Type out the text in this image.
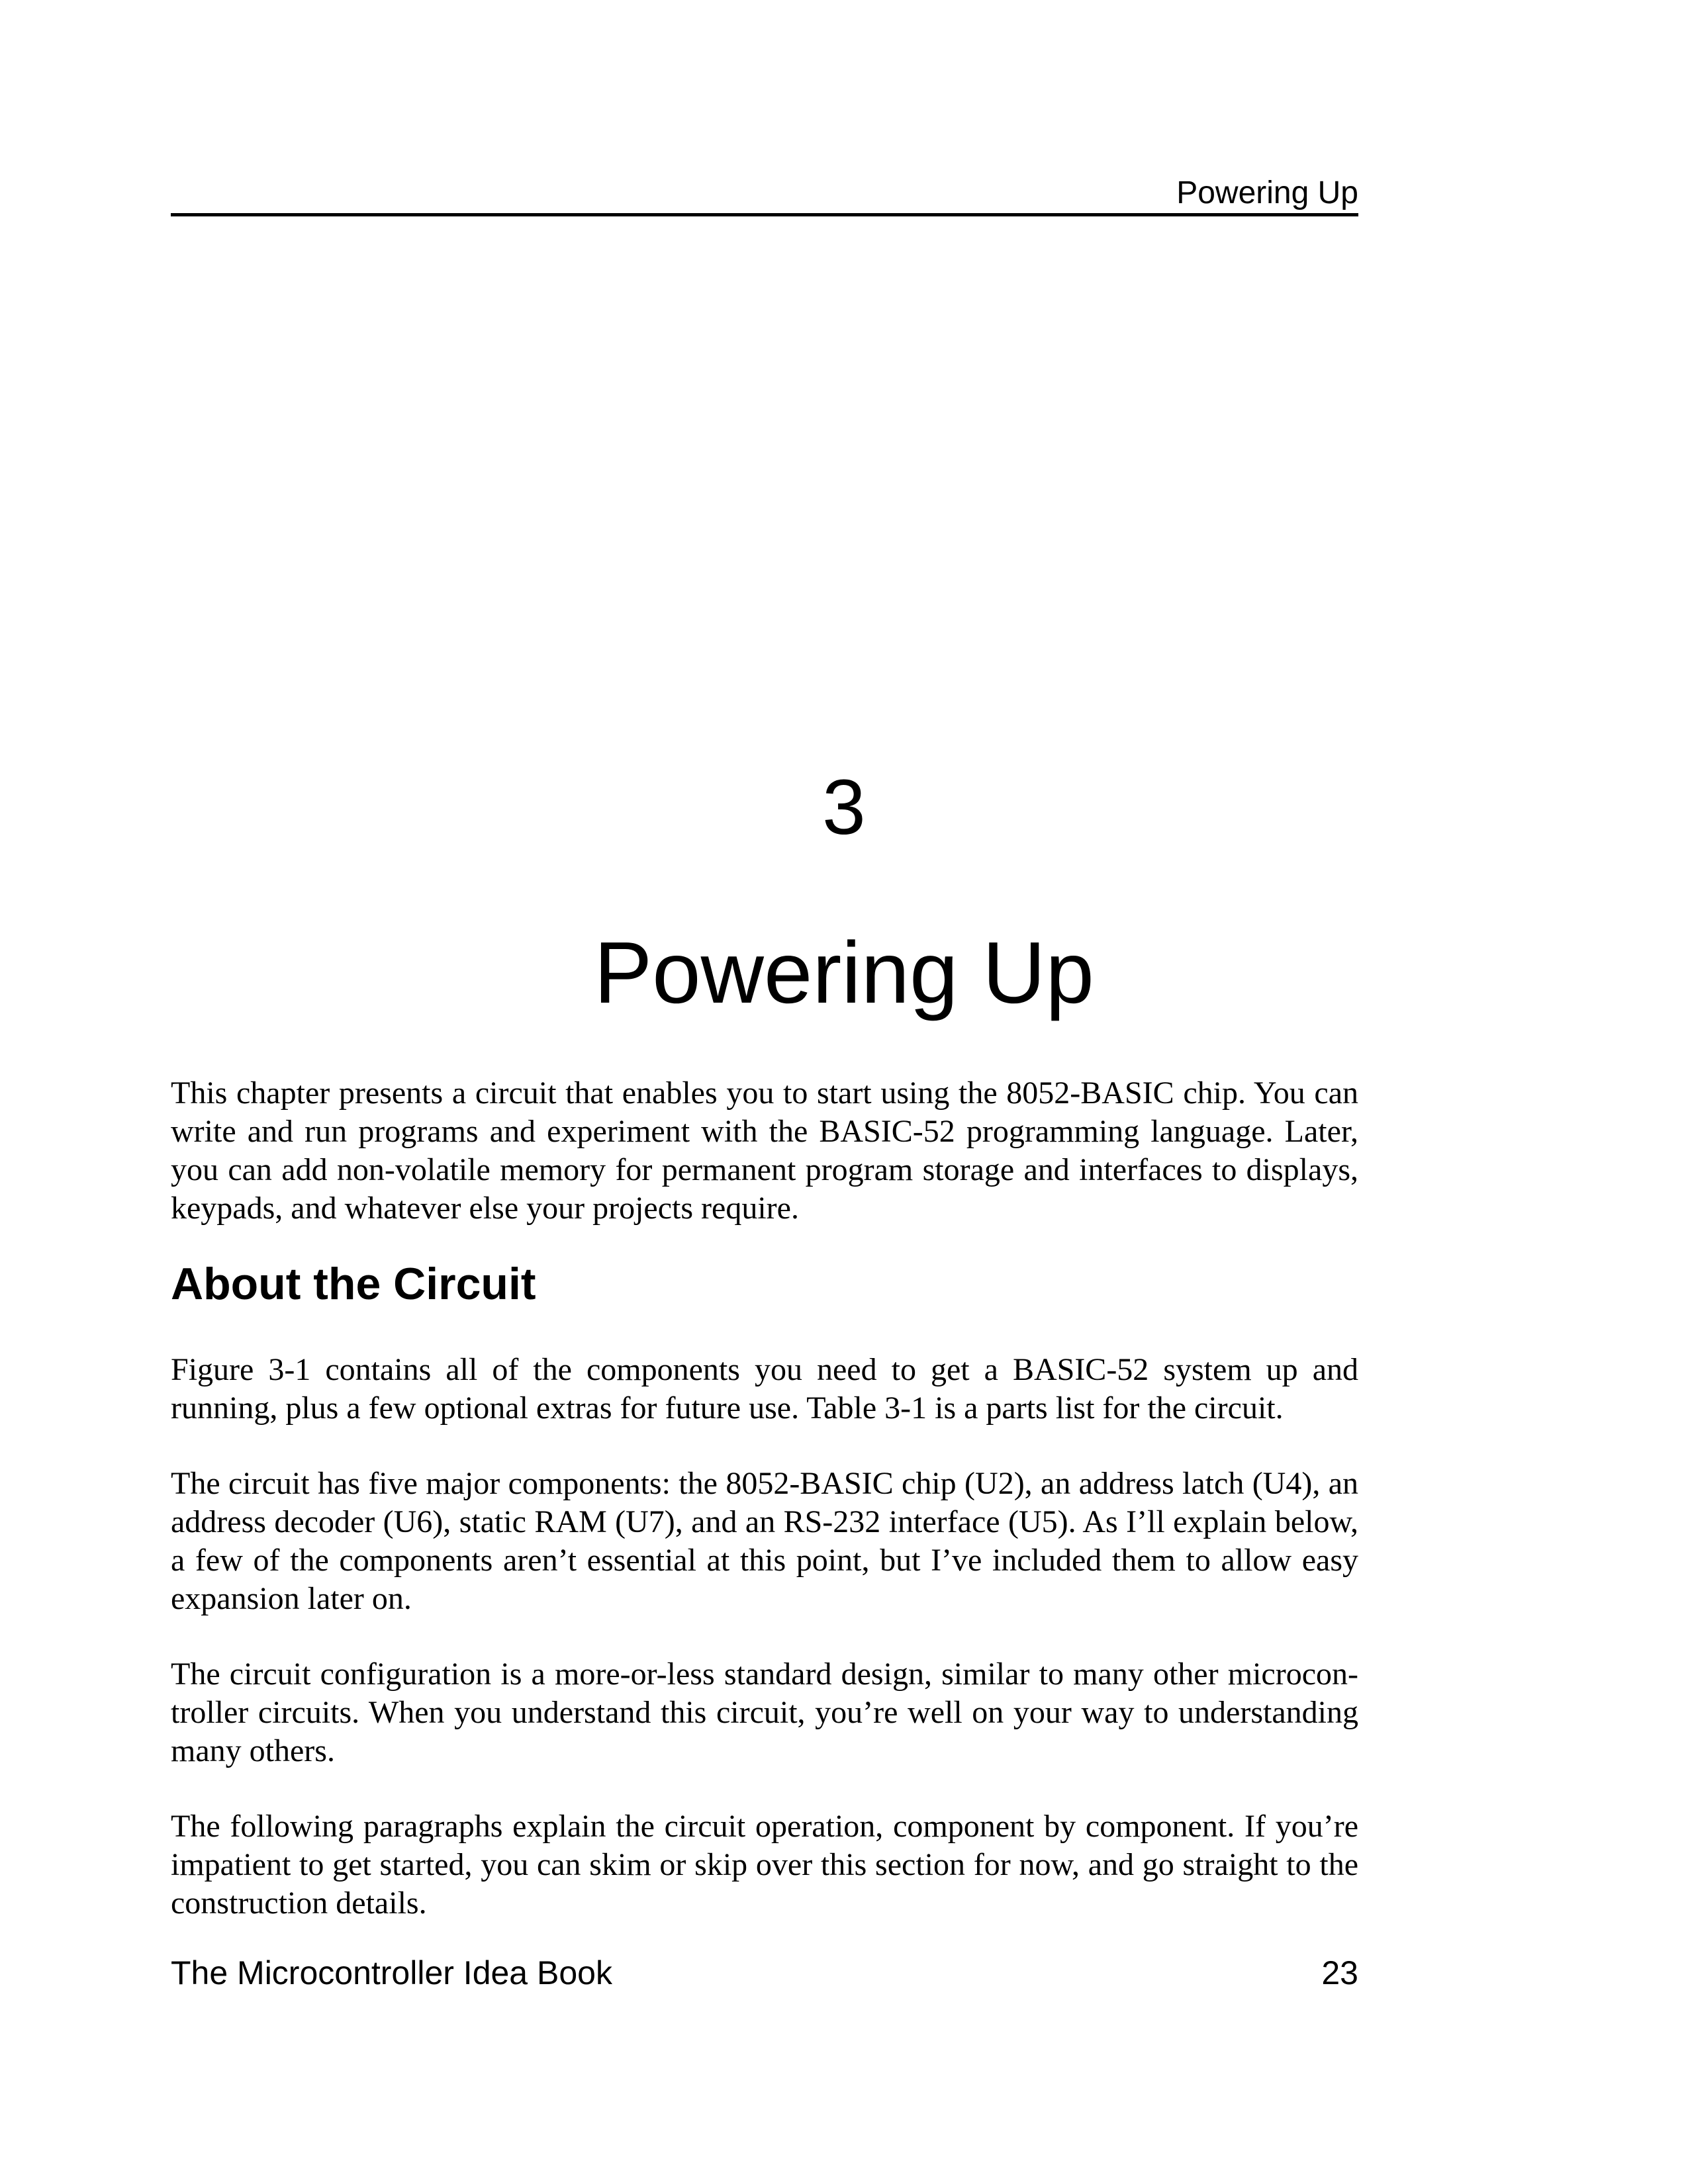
Powering Up
3
Powering Up

This chapter presents a circuit that enables you to start using the 8052-BASIC chip. You can write and run programs and experiment with the BASIC-52 programming language. Later, you can add non-volatile memory for permanent program storage and interfaces to displays, keypads, and whatever else your projects require.

About the Circuit

Figure 3-1 contains all of the components you need to get a BASIC-52 system up and running, plus a few optional extras for future use. Table 3-1 is a parts list for the circuit.

The circuit has five major components: the 8052-BASIC chip (U2), an address latch (U4), an address decoder (U6), static RAM (U7), and an RS-232 interface (U5). As I’ll explain below, a few of the components aren’t essential at this point, but I’ve included them to allow easy expansion later on.

The circuit configuration is a more-or-less standard design, similar to many other microcon-troller circuits. When you understand this circuit, you’re well on your way to understanding many others.

The following paragraphs explain the circuit operation, component by component. If you’re impatient to get started, you can skim or skip over this section for now, and go straight to the construction details.

The Microcontroller Idea Book	23
